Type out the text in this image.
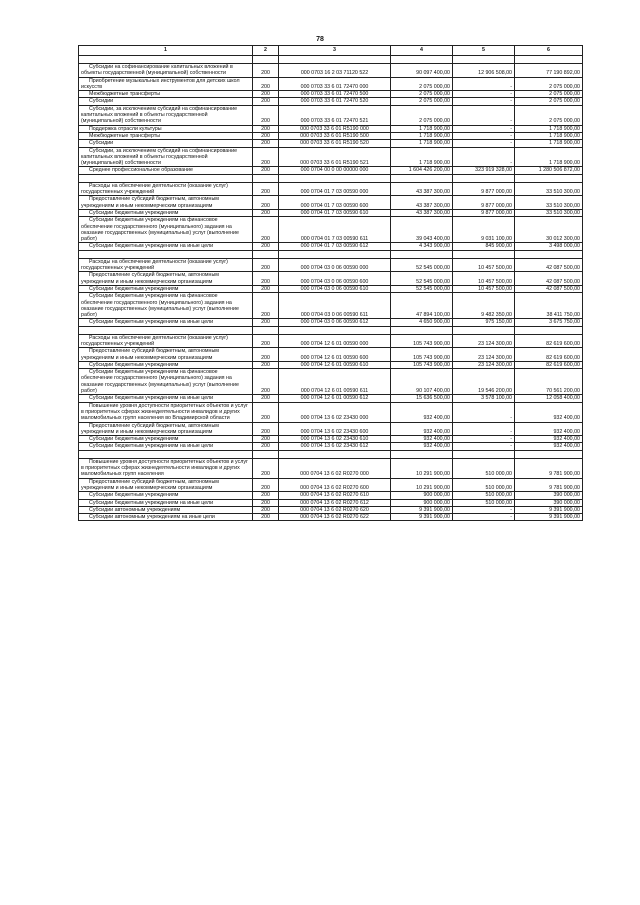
78
1	2	3	4	5	6

Субсидии на софинансирование капитальных вложений в объекты государственной (муниципальной) собственности	200	000 0703 16 2 03 71120 522	90 097 400,00	12 906 508,00	77 190 892,00
Приобретение музыкальных инструментов для детских школ искусств	200	000 0703 33 6 01 72470 000	2 075 000,00	-	2 075 000,00
Межбюджетные трансферты	200	000 0703 33 6 01 72470 500	2 075 000,00	-	2 075 000,00
Субсидии	200	000 0703 33 6 01 72470 520	2 075 000,00	-	2 075 000,00
Субсидии, за исключением субсидий на софинансирование капитальных вложений в объекты государственной (муниципальной) собственности	200	000 0703 33 6 01 72470 521	2 075 000,00	-	2 075 000,00
Поддержка отрасли культуры	200	000 0703 33 6 01 R5190 000	1 718 900,00	-	1 718 900,00
Межбюджетные трансферты	200	000 0703 33 6 01 R5190 500	1 718 900,00	-	1 718 900,00
Субсидии	200	000 0703 33 6 01 R5190 520	1 718 900,00	-	1 718 900,00
Субсидии, за исключением субсидий на софинансирование капитальных вложений в объекты государственной (муниципальной) собственности	200	000 0703 33 6 01 R5190 521	1 718 900,00	-	1 718 900,00
Среднее профессиональное образование	200	000 0704 00 0 00 00000 000	1 604 426 200,00	323 919 328,00	1 280 506 872,00

Расходы на обеспечение деятельности (оказание услуг) государственных учреждений	200	000 0704 01 7 03 00590 000	43 387 300,00	9 877 000,00	33 510 300,00
Предоставление субсидий бюджетным, автономным учреждениям и иным некоммерческим организациям	200	000 0704 01 7 03 00590 600	43 387 300,00	9 877 000,00	33 510 300,00
Субсидии бюджетным учреждениям	200	000 0704 01 7 03 00590 610	43 387 300,00	9 877 000,00	33 510 300,00
Субсидии бюджетным учреждениям на финансовое обеспечение государственного (муниципального) задания на оказание государственных (муниципальных) услуг (выполнение работ)	200	000 0704 01 7 03 00590 611	39 043 400,00	9 031 100,00	30 012 300,00
Субсидии бюджетным учреждениям на иные цели	200	000 0704 01 7 03 00590 612	4 343 900,00	845 900,00	3 498 000,00

Расходы на обеспечение деятельности (оказание услуг) государственных учреждений	200	000 0704 03 0 06 00590 000	52 545 000,00	10 457 500,00	42 087 500,00
Предоставление субсидий бюджетным, автономным учреждениям и иным некоммерческим организациям	200	000 0704 03 0 06 00590 600	52 545 000,00	10 457 500,00	42 087 500,00
Субсидии бюджетным учреждениям	200	000 0704 03 0 06 00590 610	52 545 000,00	10 457 500,00	42 087 500,00
Субсидии бюджетным учреждениям на финансовое обеспечение государственного (муниципального) задания на оказание государственных (муниципальных) услуг (выполнение работ)	200	000 0704 03 0 06 00590 611	47 894 100,00	9 482 350,00	38 411 750,00
Субсидии бюджетным учреждениям на иные цели	200	000 0704 03 0 06 00590 612	4 650 900,00	975 150,00	3 675 750,00

Расходы на обеспечение деятельности (оказание услуг) государственных учреждений	200	000 0704 12 6 01 00590 000	105 743 900,00	23 124 300,00	82 619 600,00
Предоставление субсидий бюджетным, автономным учреждениям и иным некоммерческим организациям	200	000 0704 12 6 01 00590 600	105 743 900,00	23 124 300,00	82 619 600,00
Субсидии бюджетным учреждениям	200	000 0704 12 6 01 00590 610	105 743 900,00	23 124 300,00	82 619 600,00
Субсидии бюджетным учреждениям на финансовое обеспечение государственного (муниципального) задания на оказание государственных (муниципальных) услуг (выполнение работ)	200	000 0704 12 6 01 00590 611	90 107 400,00	19 546 200,00	70 561 200,00
Субсидии бюджетным учреждениям на иные цели	200	000 0704 12 6 01 00590 612	15 636 500,00	3 578 100,00	12 058 400,00
Повышение уровня доступности приоритетных объектов и услуг в приоритетных сферах жизнедеятельности инвалидов и других маломобильных групп населения во Владимирской области	200	000 0704 13 6 02 23430 000	932 400,00	-	932 400,00
Предоставление субсидий бюджетным, автономным учреждениям и иным некоммерческим организациям	200	000 0704 13 6 02 23430 600	932 400,00	-	932 400,00
Субсидии бюджетным учреждениям	200	000 0704 13 6 02 23430 610	932 400,00	-	932 400,00
Субсидии бюджетным учреждениям на иные цели	200	000 0704 13 6 02 23430 612	932 400,00	-	932 400,00

Повышение уровня доступности приоритетных объектов и услуг в приоритетных сферах жизнедеятельности инвалидов и других маломобильных групп населения	200	000 0704 13 6 02 R0270 000	10 291 900,00	510 000,00	9 781 900,00
Предоставление субсидий бюджетным, автономным учреждениям и иным некоммерческим организациям	200	000 0704 13 6 02 R0270 600	10 291 900,00	510 000,00	9 781 900,00
Субсидии бюджетным учреждениям	200	000 0704 13 6 02 R0270 610	900 000,00	510 000,00	390 000,00
Субсидии бюджетным учреждениям на иные цели	200	000 0704 13 6 02 R0270 612	900 000,00	510 000,00	390 000,00
Субсидии автономным учреждениям	200	000 0704 13 6 02 R0270 620	9 391 900,00	-	9 391 900,00
Субсидии автономным учреждениям на иные цели	200	000 0704 13 6 02 R0270 622	9 391 900,00	-	9 391 900,00
